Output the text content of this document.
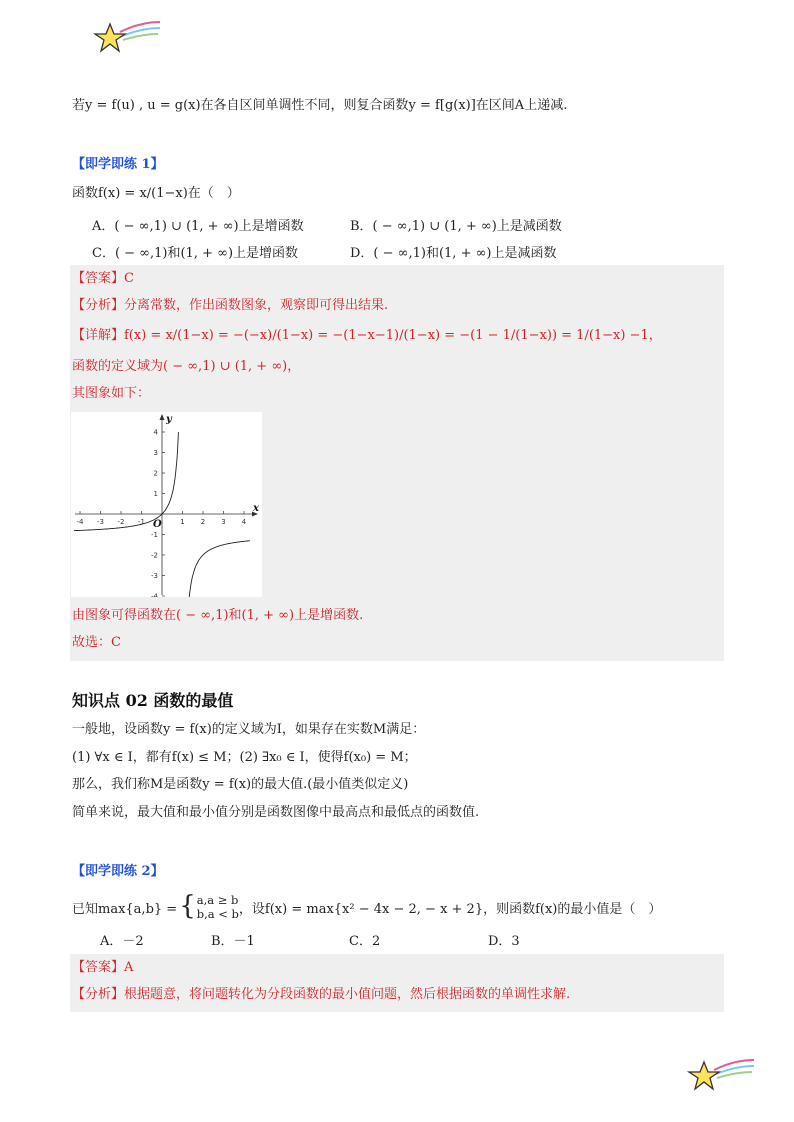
若y = f(u) , u = g(x)在各自区间单调性不同，则复合函数y = f[g(x)]在区间A上递减.
【即学即练 1】
函数f(x) = x/(1−x)在（　）
A．( − ∞,1) ∪ (1, + ∞)上是增函数	B．( − ∞,1) ∪ (1, + ∞)上是减函数
C．( − ∞,1)和(1, + ∞)上是增函数	D．( − ∞,1)和(1, + ∞)上是减函数
【答案】C
【分析】分离常数，作出函数图象，观察即可得出结果.
【详解】f(x) = x/(1−x) = −(−x)/(1−x) = −(1−x−1)/(1−x) = −(1 − 1/(1−x)) = 1/(1−x) −1，
函数的定义域为( − ∞,1) ∪ (1, + ∞)，
其图象如下：
-4 -3 -2 -1	1 2 3 4
4
3
2
1
-1
-2
-3
-4
x
y
O
由图象可得函数在( − ∞,1)和(1, + ∞)上是增函数.
故选：C
知识点 02 函数的最值
一般地，设函数y = f(x)的定义域为I，如果存在实数M满足：
(1) ∀x ∈ I，都有f(x) ≤ M；(2) ∃x₀ ∈ I，使得f(x₀) = M；
那么，我们称M是函数y = f(x)的最大值.(最小值类似定义)
简单来说，最大值和最小值分别是函数图像中最高点和最低点的函数值.
【即学即练 2】
已知max{a,b} = { a,a ≥ b
b,a < b ，设f(x) = max{x² − 4x − 2, − x + 2}，则函数f(x)的最小值是（　）
A．－2	B．－1	C．2	D．3
【答案】A
【分析】根据题意，将问题转化为分段函数的最小值问题，然后根据函数的单调性求解.
